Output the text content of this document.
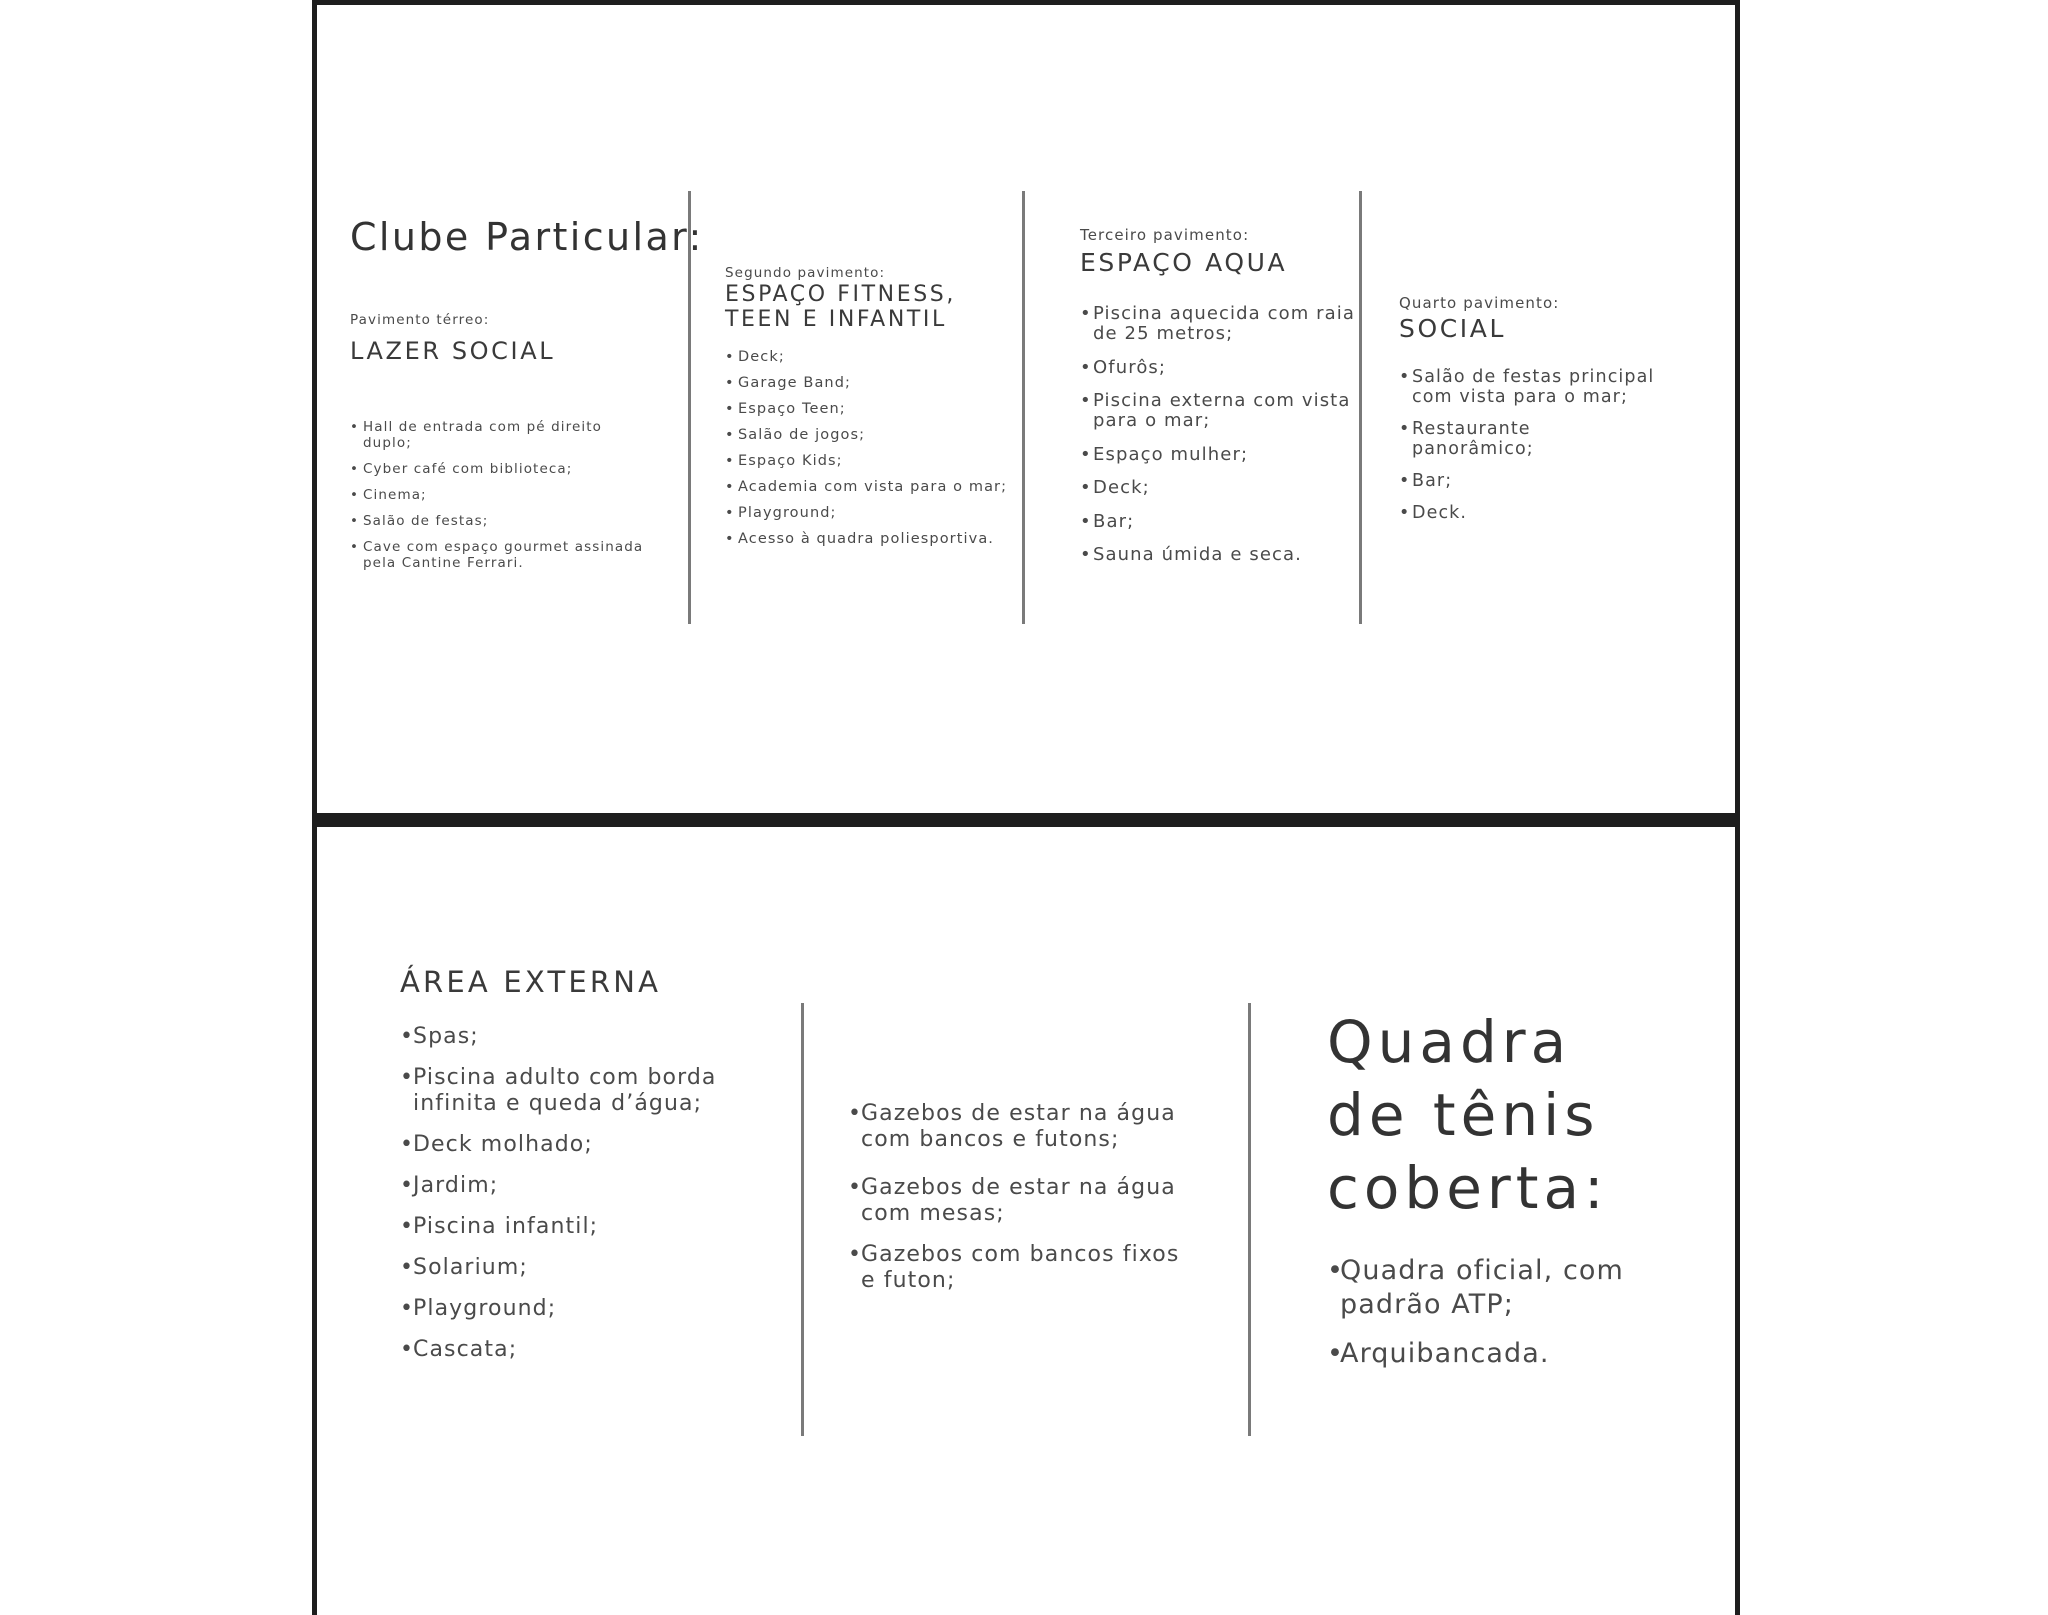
Clube Particular:
Pavimento térreo:
LAZER SOCIAL
• Hall de entrada com pé direito duplo;
• Cyber café com biblioteca;
• Cinema;
• Salão de festas;
• Cave com espaço gourmet assinada pela Cantine Ferrari.
Segundo pavimento:
ESPAÇO FITNESS,
TEEN E INFANTIL
• Deck;
• Garage Band;
• Espaço Teen;
• Salão de jogos;
• Espaço Kids;
• Academia com vista para o mar;
• Playground;
• Acesso à quadra poliesportiva.
Terceiro pavimento:
ESPAÇO AQUA
• Piscina aquecida com raia de 25 metros;
• Ofurôs;
• Piscina externa com vista para o mar;
• Espaço mulher;
• Deck;
• Bar;
• Sauna úmida e seca.
Quarto pavimento:
SOCIAL
• Salão de festas principal com vista para o mar;
• Restaurante panorâmico;
• Bar;
• Deck.
ÁREA EXTERNA
• Spas;
• Piscina adulto com borda infinita e queda d’água;
• Deck molhado;
• Jardim;
• Piscina infantil;
• Solarium;
• Playground;
• Cascata;
• Gazebos de estar na água com bancos e futons;
• Gazebos de estar na água com mesas;
• Gazebos com bancos fixos e futon;
Quadra
de tênis
coberta:
• Quadra oficial, com padrão ATP;
• Arquibancada.
